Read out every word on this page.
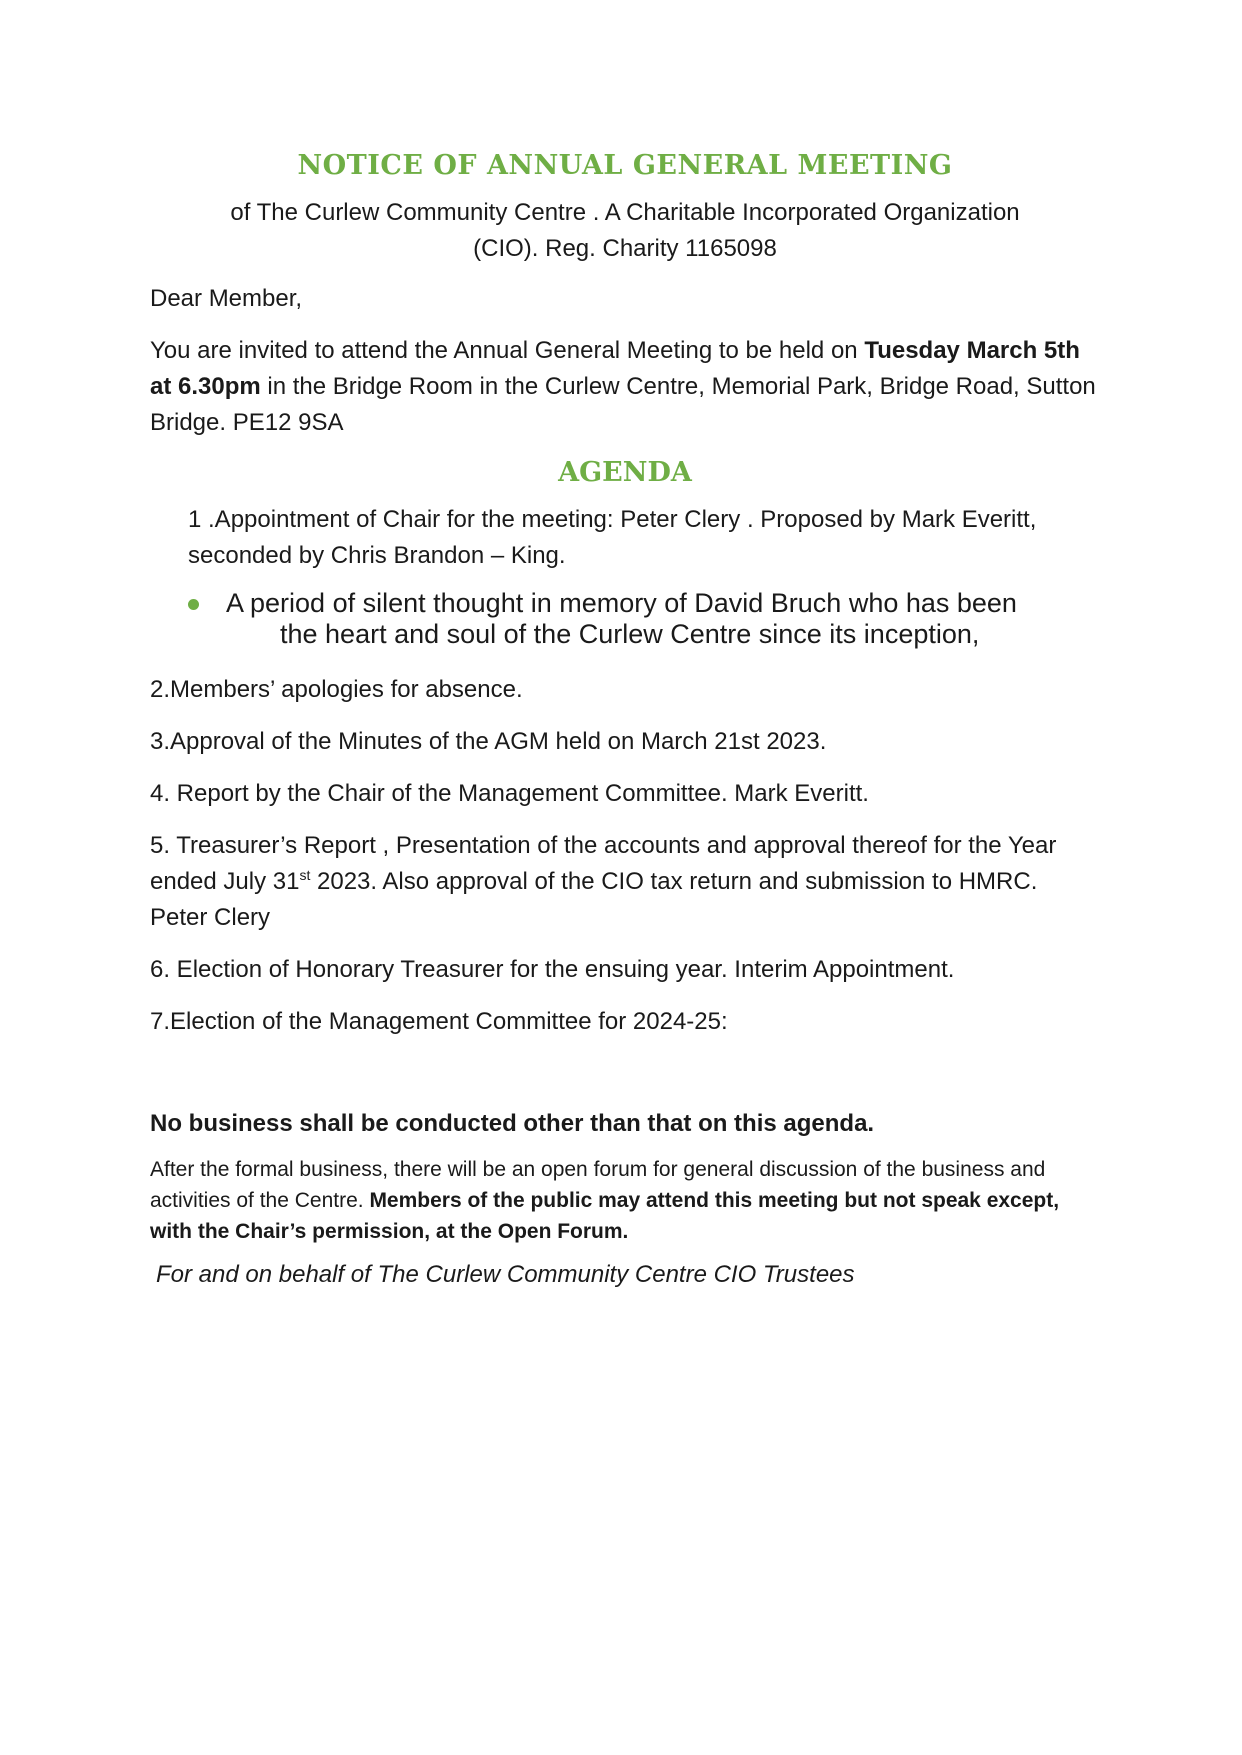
NOTICE OF ANNUAL GENERAL MEETING
of The Curlew Community Centre . A Charitable Incorporated Organization
(CIO). Reg. Charity 1165098
Dear Member,
You are invited to attend the Annual General Meeting to be held on Tuesday March 5th at 6.30pm in the Bridge Room in the Curlew Centre, Memorial Park, Bridge Road, Sutton Bridge. PE12 9SA
AGENDA
1 .Appointment of Chair for the meeting: Peter Clery . Proposed by Mark Everitt, seconded by Chris Brandon – King.
A period of silent thought in memory of David Bruch who has been
the heart and soul of the Curlew Centre since its inception,
2.Members’ apologies for absence.
3.Approval of the Minutes of the AGM held on March 21st 2023.
4. Report by the Chair of the Management Committee. Mark Everitt.
5. Treasurer’s Report , Presentation of the accounts and approval thereof for the Year ended July 31st 2023. Also approval of the CIO tax return and submission to HMRC. Peter Clery
6. Election of Honorary Treasurer for the ensuing year. Interim Appointment.
7.Election of the Management Committee for 2024-25:
No business shall be conducted other than that on this agenda.
After the formal business, there will be an open forum for general discussion of the business and activities of the Centre. Members of the public may attend this meeting but not speak except, with the Chair’s permission, at the Open Forum.
For and on behalf of The Curlew Community Centre CIO Trustees
